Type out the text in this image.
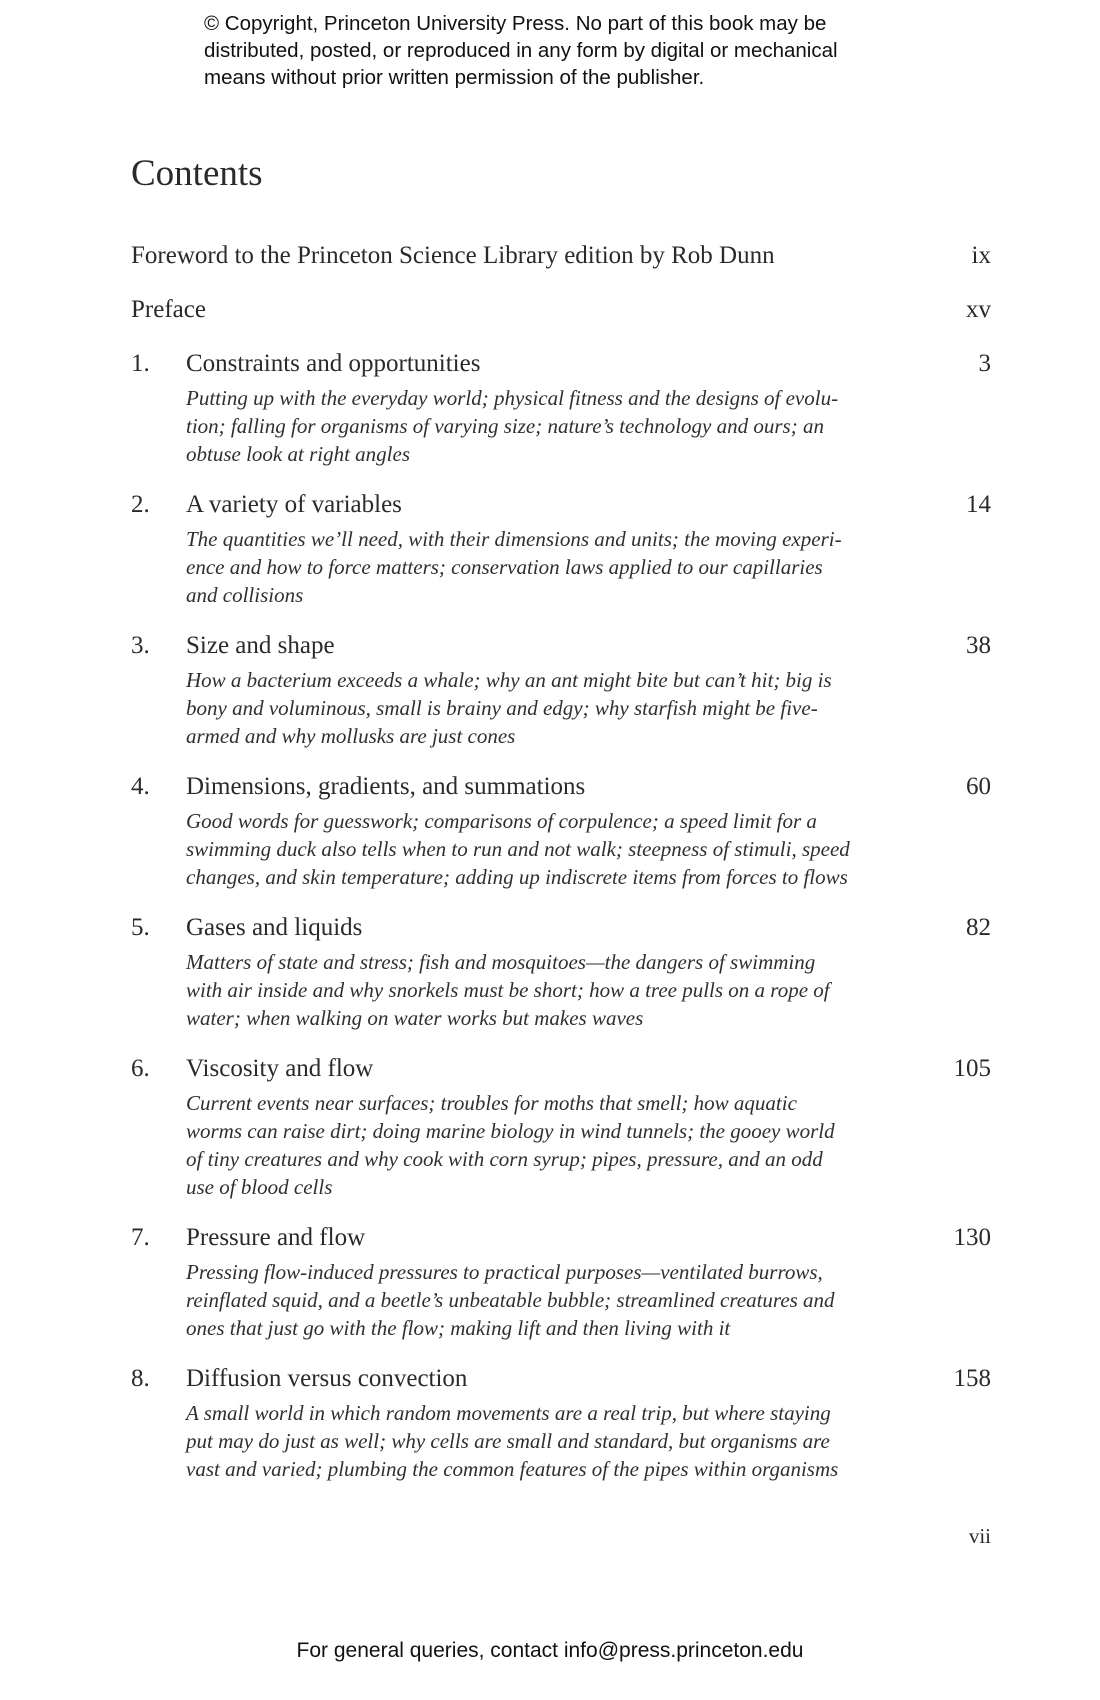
© Copyright, Princeton University Press. No part of this book may be
distributed, posted, or reproduced in any form by digital or mechanical
means without prior written permission of the publisher.
Contents
Foreword to the Princeton Science Library edition by Rob Dunn	ix
Preface	xv
1. Constraints and opportunities	3
Putting up with the everyday world; physical fitness and the designs of evolu-
tion; falling for organisms of varying size; nature’s technology and ours; an
obtuse look at right angles
2. A variety of variables	14
The quantities we’ll need, with their dimensions and units; the moving experi-
ence and how to force matters; conservation laws applied to our capillaries
and collisions
3. Size and shape	38
How a bacterium exceeds a whale; why an ant might bite but can’t hit; big is
bony and voluminous, small is brainy and edgy; why starfish might be five-
armed and why mollusks are just cones
4. Dimensions, gradients, and summations	60
Good words for guesswork; comparisons of corpulence; a speed limit for a
swimming duck also tells when to run and not walk; steepness of stimuli, speed
changes, and skin temperature; adding up indiscrete items from forces to flows
5. Gases and liquids	82
Matters of state and stress; fish and mosquitoes—the dangers of swimming
with air inside and why snorkels must be short; how a tree pulls on a rope of
water; when walking on water works but makes waves
6. Viscosity and flow	105
Current events near surfaces; troubles for moths that smell; how aquatic
worms can raise dirt; doing marine biology in wind tunnels; the gooey world
of tiny creatures and why cook with corn syrup; pipes, pressure, and an odd
use of blood cells
7. Pressure and flow	130
Pressing flow-induced pressures to practical purposes—ventilated burrows,
reinflated squid, and a beetle’s unbeatable bubble; streamlined creatures and
ones that just go with the flow; making lift and then living with it
8. Diffusion versus convection	158
A small world in which random movements are a real trip, but where staying
put may do just as well; why cells are small and standard, but organisms are
vast and varied; plumbing the common features of the pipes within organisms
vii
For general queries, contact info@press.princeton.edu
